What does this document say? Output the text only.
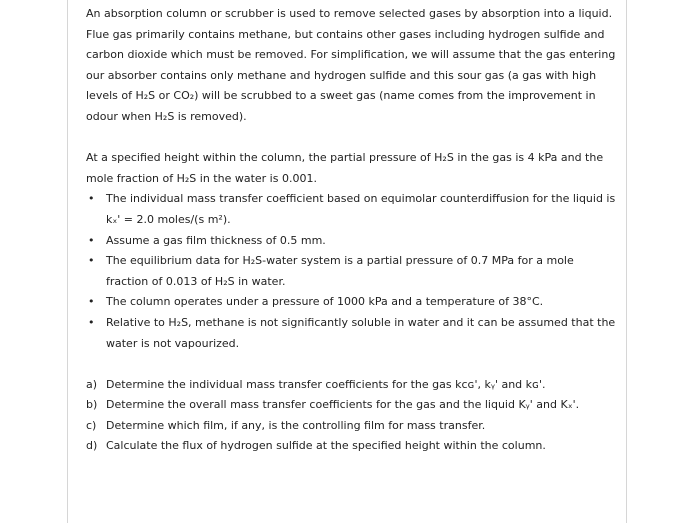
An absorption column or scrubber is used to remove selected gases by absorption into a liquid. Flue gas primarily contains methane, but contains other gases including hydrogen sulfide and carbon dioxide which must be removed. For simplification, we will assume that the gas entering our absorber contains only methane and hydrogen sulfide and this sour gas (a gas with high levels of H₂S or CO₂) will be scrubbed to a sweet gas (name comes from the improvement in odour when H₂S is removed).

At a specified height within the column, the partial pressure of H₂S in the gas is 4 kPa and the mole fraction of H₂S in the water is 0.001.

• The individual mass transfer coefficient based on equimolar counterdiffusion for the liquid is kₓ' = 2.0 moles/(s m²).
• Assume a gas film thickness of 0.5 mm.
• The equilibrium data for H₂S-water system is a partial pressure of 0.7 MPa for a mole fraction of 0.013 of H₂S in water.
• The column operates under a pressure of 1000 kPa and a temperature of 38°C.
• Relative to H₂S, methane is not significantly soluble in water and it can be assumed that the water is not vapourized.
a) Determine the individual mass transfer coefficients for the gas kcɢ', kᵧ' and kɢ'.
b) Determine the overall mass transfer coefficients for the gas and the liquid Kᵧ' and Kₓ'.
c) Determine which film, if any, is the controlling film for mass transfer.
d) Calculate the flux of hydrogen sulfide at the specified height within the column.
